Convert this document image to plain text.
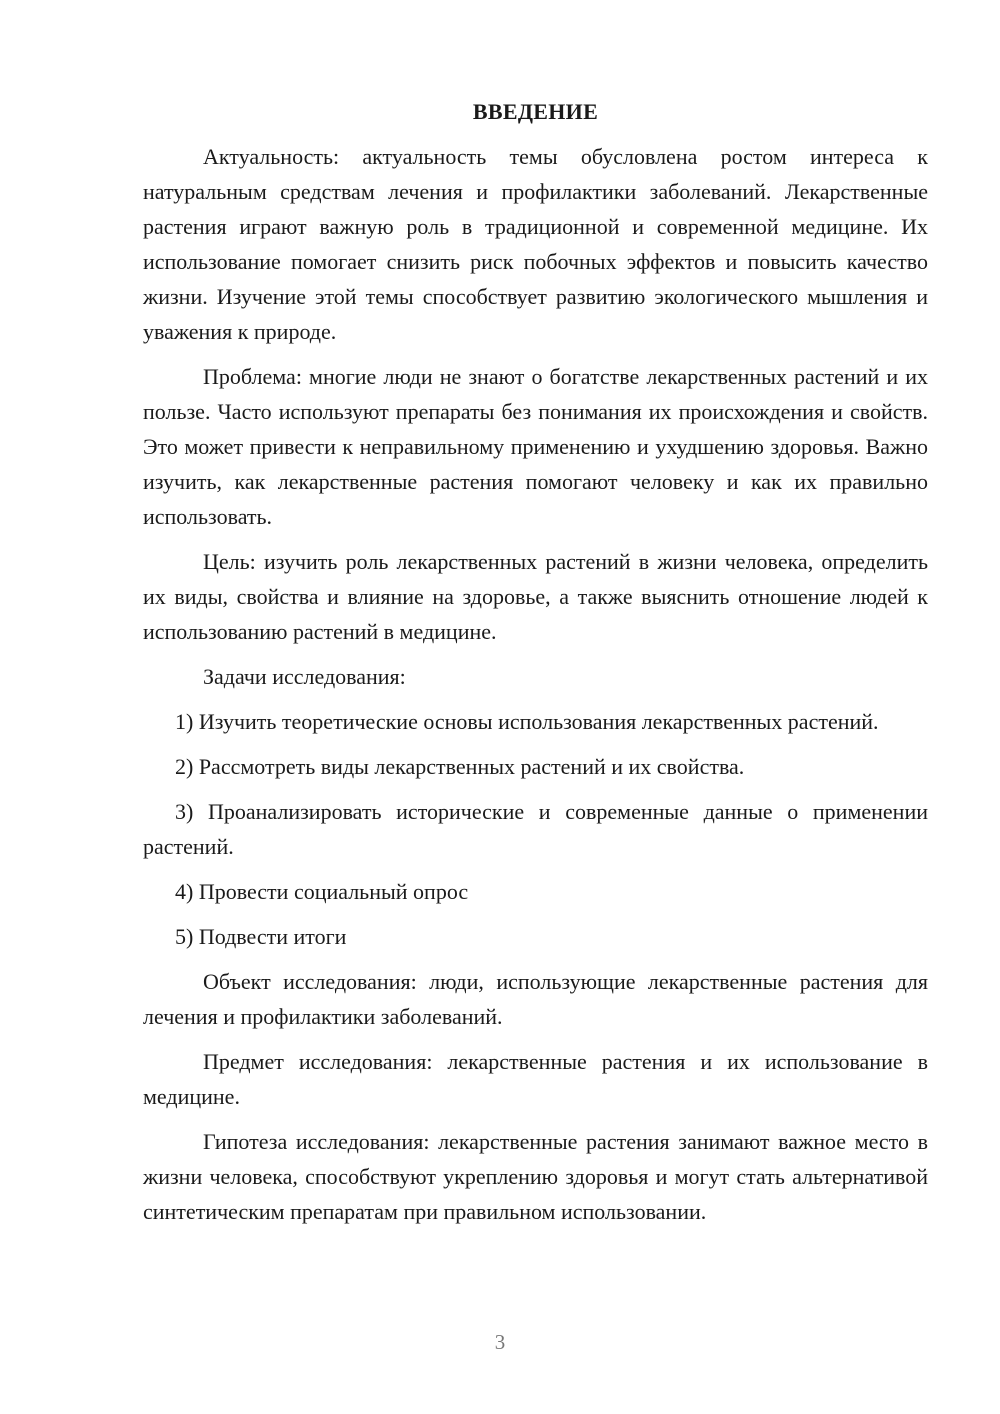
ВВЕДЕНИЕ

Актуальность: актуальность темы обусловлена ростом интереса к натуральным средствам лечения и профилактики заболеваний. Лекарственные растения играют важную роль в традиционной и современной медицине. Их использование помогает снизить риск побочных эффектов и повысить качество жизни. Изучение этой темы способствует развитию экологического мышления и уважения к природе.

Проблема: многие люди не знают о богатстве лекарственных растений и их пользе. Часто используют препараты без понимания их происхождения и свойств. Это может привести к неправильному применению и ухудшению здоровья. Важно изучить, как лекарственные растения помогают человеку и как их правильно использовать.

Цель: изучить роль лекарственных растений в жизни человека, определить их виды, свойства и влияние на здоровье, а также выяснить отношение людей к использованию растений в медицине.

Задачи исследования:

1) Изучить теоретические основы использования лекарственных растений.

2) Рассмотреть виды лекарственных растений и их свойства.

3) Проанализировать исторические и современные данные о применении растений.

4) Провести социальный опрос

5) Подвести итоги

Объект исследования: люди, использующие лекарственные растения для лечения и профилактики заболеваний.

Предмет исследования: лекарственные растения и их использование в медицине.

Гипотеза исследования: лекарственные растения занимают важное место в жизни человека, способствуют укреплению здоровья и могут стать альтернативой синтетическим препаратам при правильном использовании.

3
